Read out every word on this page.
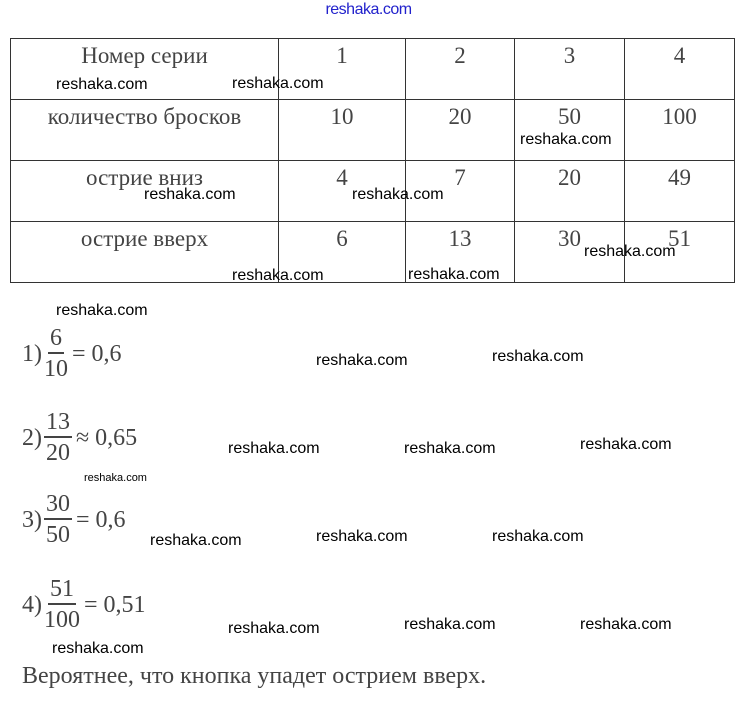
reshaka.com
Номер серии	1	2	3	4
количество бросков	10	20	50	100
острие вниз	4	7	20	49
острие вверх	6	13	30	51
$1) \frac{6}{10} = 0,6$
$2) \frac{13}{20} \approx 0,65$
$3) \frac{30}{50} = 0,6$
$4) \frac{51}{100} = 0,51$
Вероятнее, что кнопка упадет острием вверх.
reshaka.com	reshaka.com
reshaka.com
reshaka.com	reshaka.com
reshaka.com
reshaka.com	reshaka.com
reshaka.com
reshaka.com	reshaka.com
reshaka.com
reshaka.com	reshaka.com	reshaka.com
reshaka.com	reshaka.com	reshaka.com
reshaka.com
reshaka.com	reshaka.com	reshaka.com
